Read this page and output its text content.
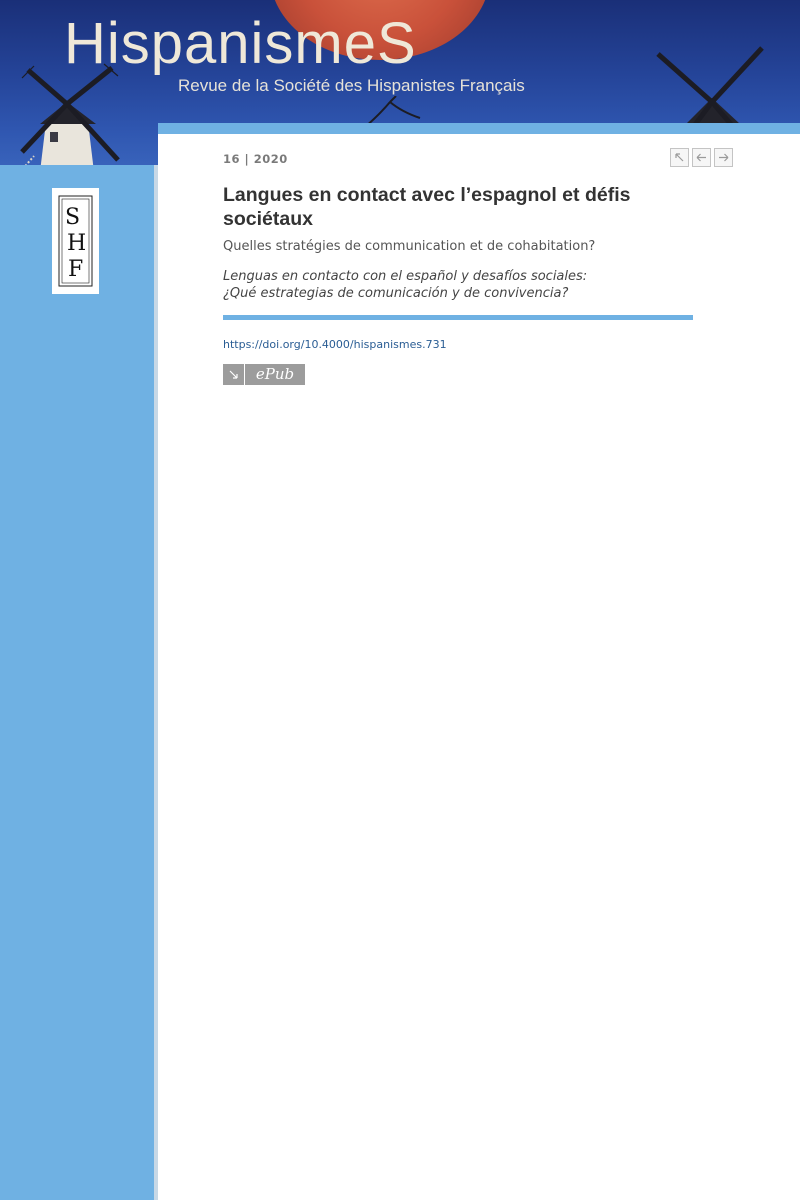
HispanismeS
Revue de la Société des Hispanistes Français
S
H
F
16 | 2020
Langues en contact avec l’espagnol et défis sociétaux
Quelles stratégies de communication et de cohabitation?
Lenguas en contacto con el español y desafíos sociales:
¿Qué estrategias de comunicación y de convivencia?
https://doi.org/10.4000/hispanismes.731
ePub
